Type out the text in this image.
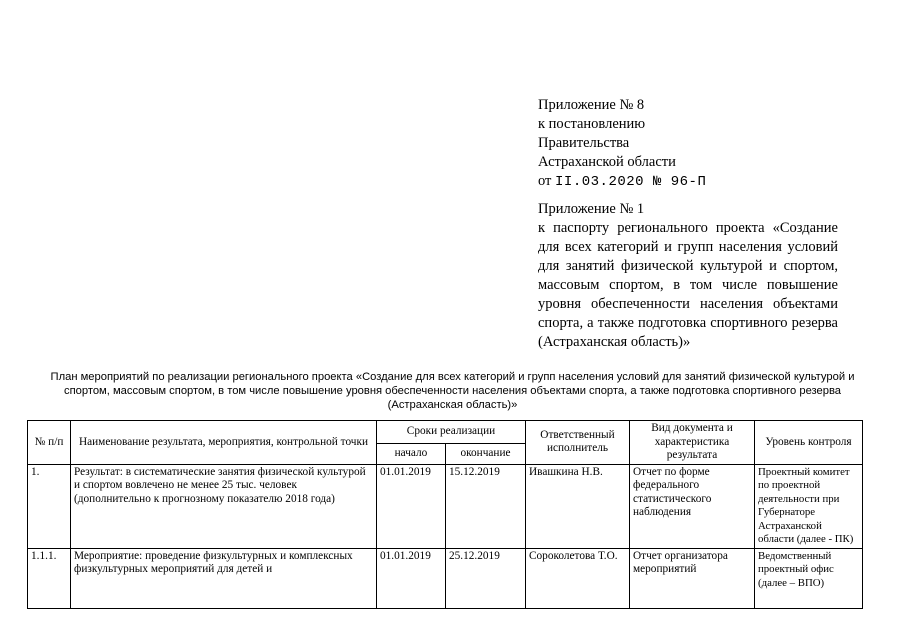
Приложение № 8
к постановлению
Правительства
Астраханской области
от II.03.2020 № 96-П
Приложение № 1
к паспорту регионального проекта «Создание для всех категорий и групп населения условий для занятий физической культурой и спортом, массовым спортом, в том числе повышение уровня обеспеченности населения объектами спорта, а также подготовка спортивного резерва (Астраханская область)»
План мероприятий по реализации регионального проекта «Создание для всех категорий и групп населения условий для занятий физической культурой и спортом, массовым спортом, в том числе повышение уровня обеспеченности населения объектами спорта, а также подготовка спортивного резерва (Астраханская область)»
№ п/п	Наименование результата, мероприятия, контрольной точки	Сроки реализации		Ответственный исполнитель	Вид документа и характеристика результата	Уровень контроля
		начало	окончание			
1.	Результат: в систематические занятия физической культурой и спортом вовлечено не менее 25 тыс. человек (дополнительно к прогнозному показателю 2018 года)	01.01.2019	15.12.2019	Ивашкина Н.В.	Отчет по форме федерального статистического наблюдения	Проектный комитет по проектной деятельности при Губернаторе Астраханской области (далее - ПК)
1.1.1.	Мероприятие: проведение физкультурных и комплексных физкультурных мероприятий для детей и	01.01.2019	25.12.2019	Сороколетова Т.О.	Отчет организатора мероприятий	Ведомственный проектный офис (далее – ВПО)
